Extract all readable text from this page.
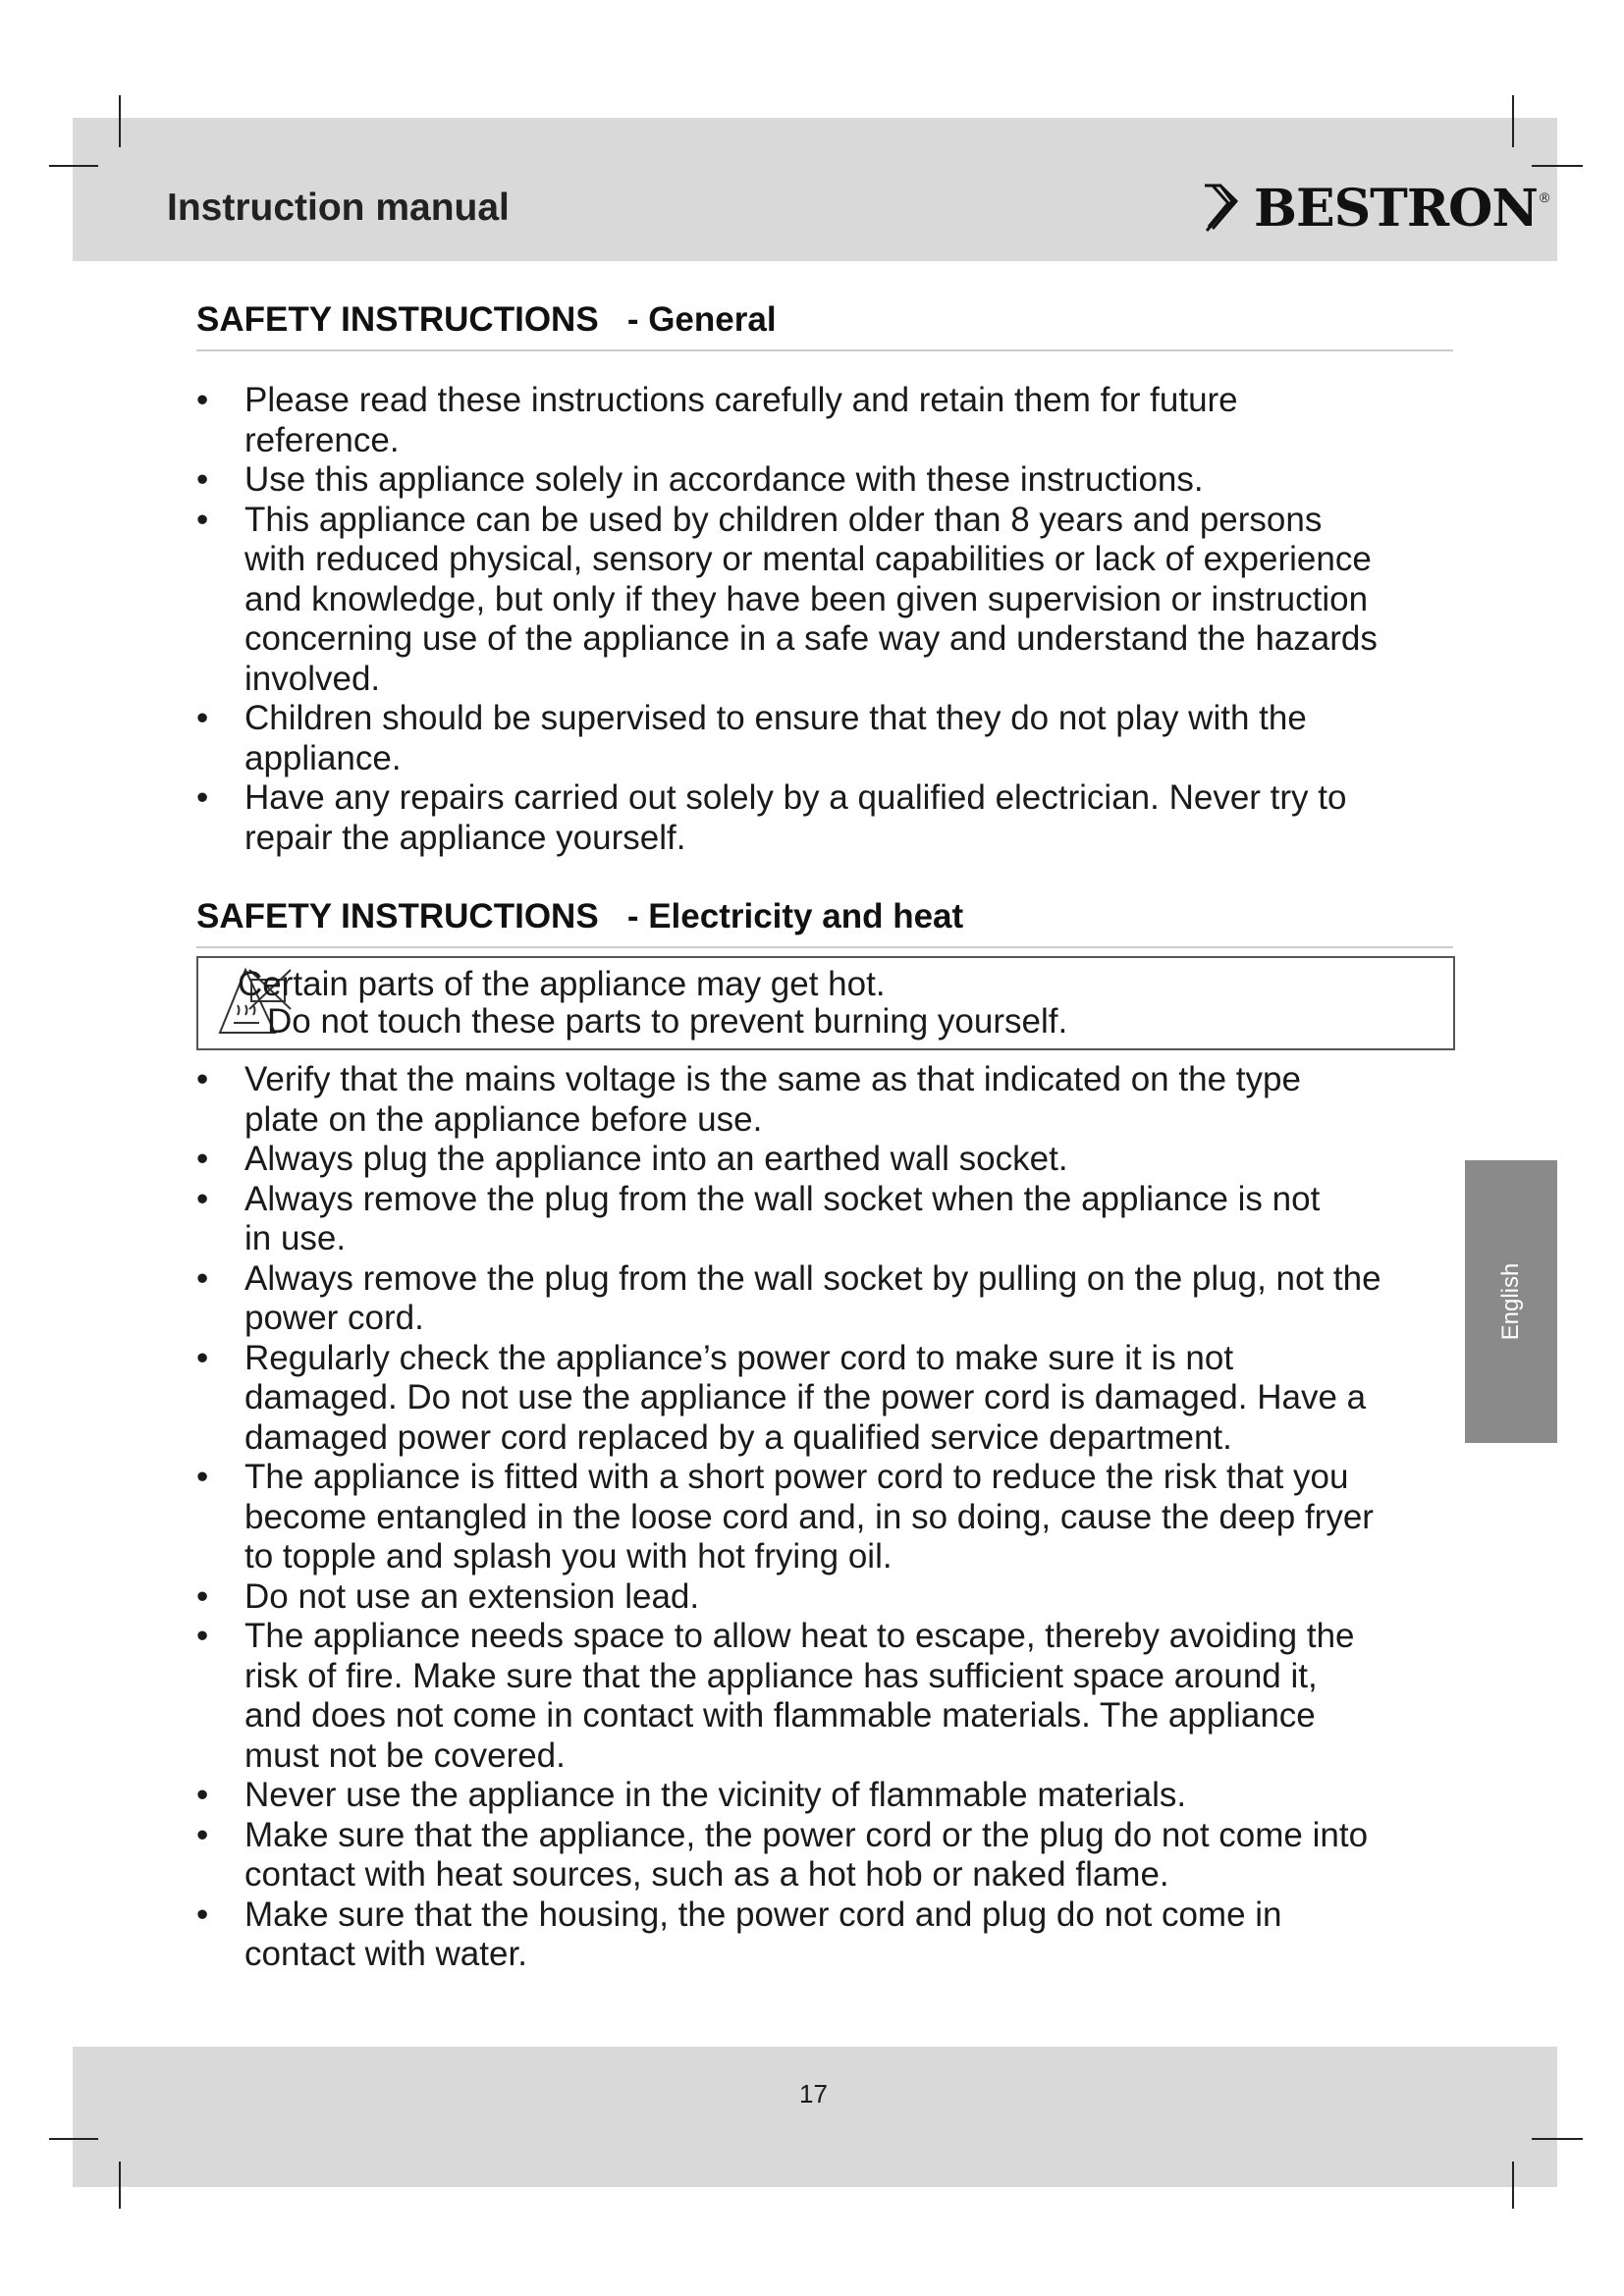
Instruction manual	BESTRON ®
SAFETY INSTRUCTIONS   - General
•	Please read these instructions carefully and retain them for future
reference.
•	Use this appliance solely in accordance with these instructions.
•	This appliance can be used by children older than 8 years and persons
with reduced physical, sensory or mental capabilities or lack of experience
and knowledge, but only if they have been given supervision or instruction
concerning use of the appliance in a safe way and understand the hazards
involved.
•	Children should be supervised to ensure that they do not play with the
appliance.
•	Have any repairs carried out solely by a qualified electrician. Never try to
repair the appliance yourself.
SAFETY INSTRUCTIONS   - Electricity and heat
Certain parts of the appliance may get hot.
Do not touch these parts to prevent burning yourself.
•	Verify that the mains voltage is the same as that indicated on the type
plate on the appliance before use.
•	Always plug the appliance into an earthed wall socket.
•	Always remove the plug from the wall socket when the appliance is not
in use.
•	Always remove the plug from the wall socket by pulling on the plug, not the
power cord.
•	Regularly check the appliance’s power cord to make sure it is not
damaged. Do not use the appliance if the power cord is damaged. Have a
damaged power cord replaced by a qualified service department.
•	The appliance is fitted with a short power cord to reduce the risk that you
become entangled in the loose cord and, in so doing, cause the deep fryer
to topple and splash you with hot frying oil.
•	Do not use an extension lead.
•	The appliance needs space to allow heat to escape, thereby avoiding the
risk of fire. Make sure that the appliance has sufficient space around it,
and does not come in contact with flammable materials. The appliance
must not be covered.
•	Never use the appliance in the vicinity of flammable materials.
•	Make sure that the appliance, the power cord or the plug do not come into
contact with heat sources, such as a hot hob or naked flame.
•	Make sure that the housing, the power cord and plug do not come in
contact with water.
English
17
